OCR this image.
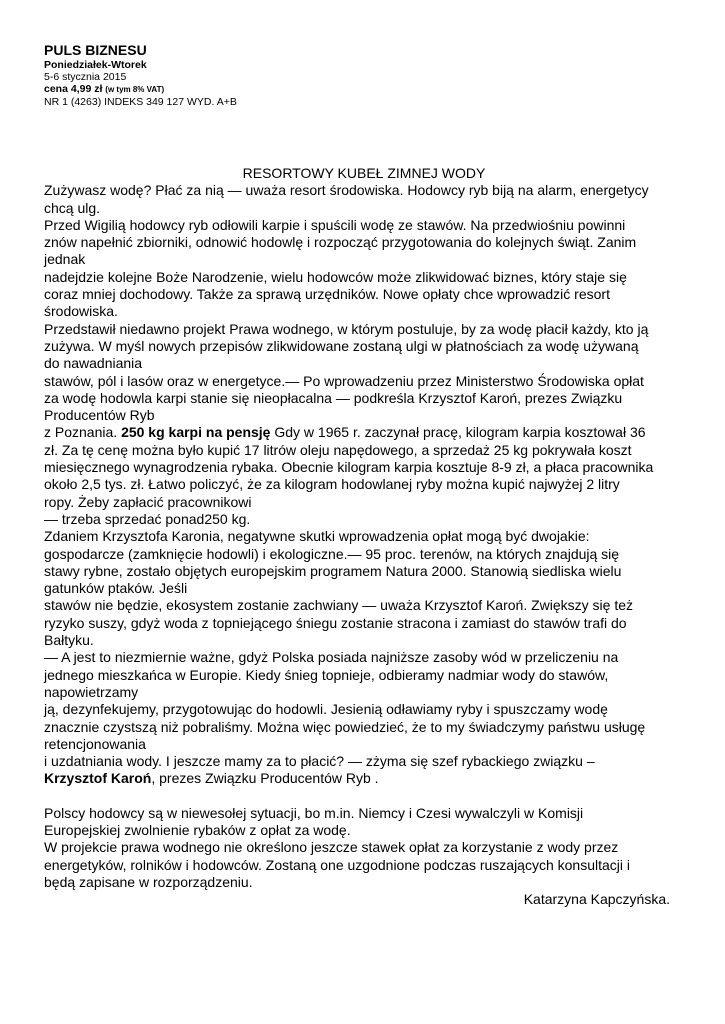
PULS BIZNESU
Poniedziałek-Wtorek
5-6 stycznia 2015
cena 4,99 zł (w tym 8% VAT)
NR 1 (4263) INDEKS 349 127 WYD. A+B
RESORTOWY KUBEŁ ZIMNEJ WODY
Zużywasz wodę? Płać za nią — uważa resort środowiska. Hodowcy ryb biją na alarm, energetycy
chcą ulg.
Przed Wigilią hodowcy ryb odłowili karpie i spuścili wodę ze stawów. Na przedwiośniu powinni
znów napełnić zbiorniki, odnowić hodowlę i rozpocząć przygotowania do kolejnych świąt. Zanim
jednak
nadejdzie kolejne Boże Narodzenie, wielu hodowców może zlikwidować biznes, który staje się
coraz mniej dochodowy. Także za sprawą urzędników. Nowe opłaty chce wprowadzić resort
środowiska.
Przedstawił niedawno projekt Prawa wodnego, w którym postuluje, by za wodę płacił każdy, kto ją
zużywa. W myśl nowych przepisów zlikwidowane zostaną ulgi w płatnościach za wodę używaną
do nawadniania
stawów, pól i lasów oraz w energetyce.— Po wprowadzeniu przez Ministerstwo Środowiska opłat
za wodę hodowla karpi stanie się nieopłacalna — podkreśla Krzysztof Karoń, prezes Związku
Producentów Ryb
z Poznania. 250 kg karpi na pensję Gdy w 1965 r. zaczynał pracę, kilogram karpia kosztował 36
zł. Za tę cenę można było kupić 17 litrów oleju napędowego, a sprzedaż 25 kg pokrywała koszt
miesięcznego wynagrodzenia rybaka. Obecnie kilogram karpia kosztuje 8-9 zł, a płaca pracownika
około 2,5 tys. zł. Łatwo policzyć, że za kilogram hodowlanej ryby można kupić najwyżej 2 litry
ropy. Żeby zapłacić pracownikowi
— trzeba sprzedać ponad250 kg.
Zdaniem Krzysztofa Karonia, negatywne skutki wprowadzenia opłat mogą być dwojakie:
gospodarcze (zamknięcie hodowli) i ekologiczne.— 95 proc. terenów, na których znajdują się
stawy rybne, zostało objętych europejskim programem Natura 2000. Stanowią siedliska wielu
gatunków ptaków. Jeśli
stawów nie będzie, ekosystem zostanie zachwiany — uważa Krzysztof Karoń. Zwiększy się też
ryzyko suszy, gdyż woda z topniejącego śniegu zostanie stracona i zamiast do stawów trafi do
Bałtyku.
— A jest to niezmiernie ważne, gdyż Polska posiada najniższe zasoby wód w przeliczeniu na
jednego mieszkańca w Europie. Kiedy śnieg topnieje, odbieramy nadmiar wody do stawów,
napowietrzamy
ją, dezynfekujemy, przygotowując do hodowli. Jesienią odławiamy ryby i spuszczamy wodę
znacznie czystszą niż pobraliśmy. Można więc powiedzieć, że to my świadczymy państwu usługę
retencjonowania
i uzdatniania wody. I jeszcze mamy za to płacić? — zżyma się szef rybackiego związku –
Krzysztof Karoń, prezes Związku Producentów Ryb .
Polscy hodowcy są w niewesołej sytuacji, bo m.in. Niemcy i Czesi wywalczyli w Komisji
Europejskiej zwolnienie rybaków z opłat za wodę.
W projekcie prawa wodnego nie określono jeszcze stawek opłat za korzystanie z wody przez
energetyków, rolników i hodowców. Zostaną one uzgodnione podczas ruszających konsultacji i
będą zapisane w rozporządzeniu.
Katarzyna Kapczyńska.
